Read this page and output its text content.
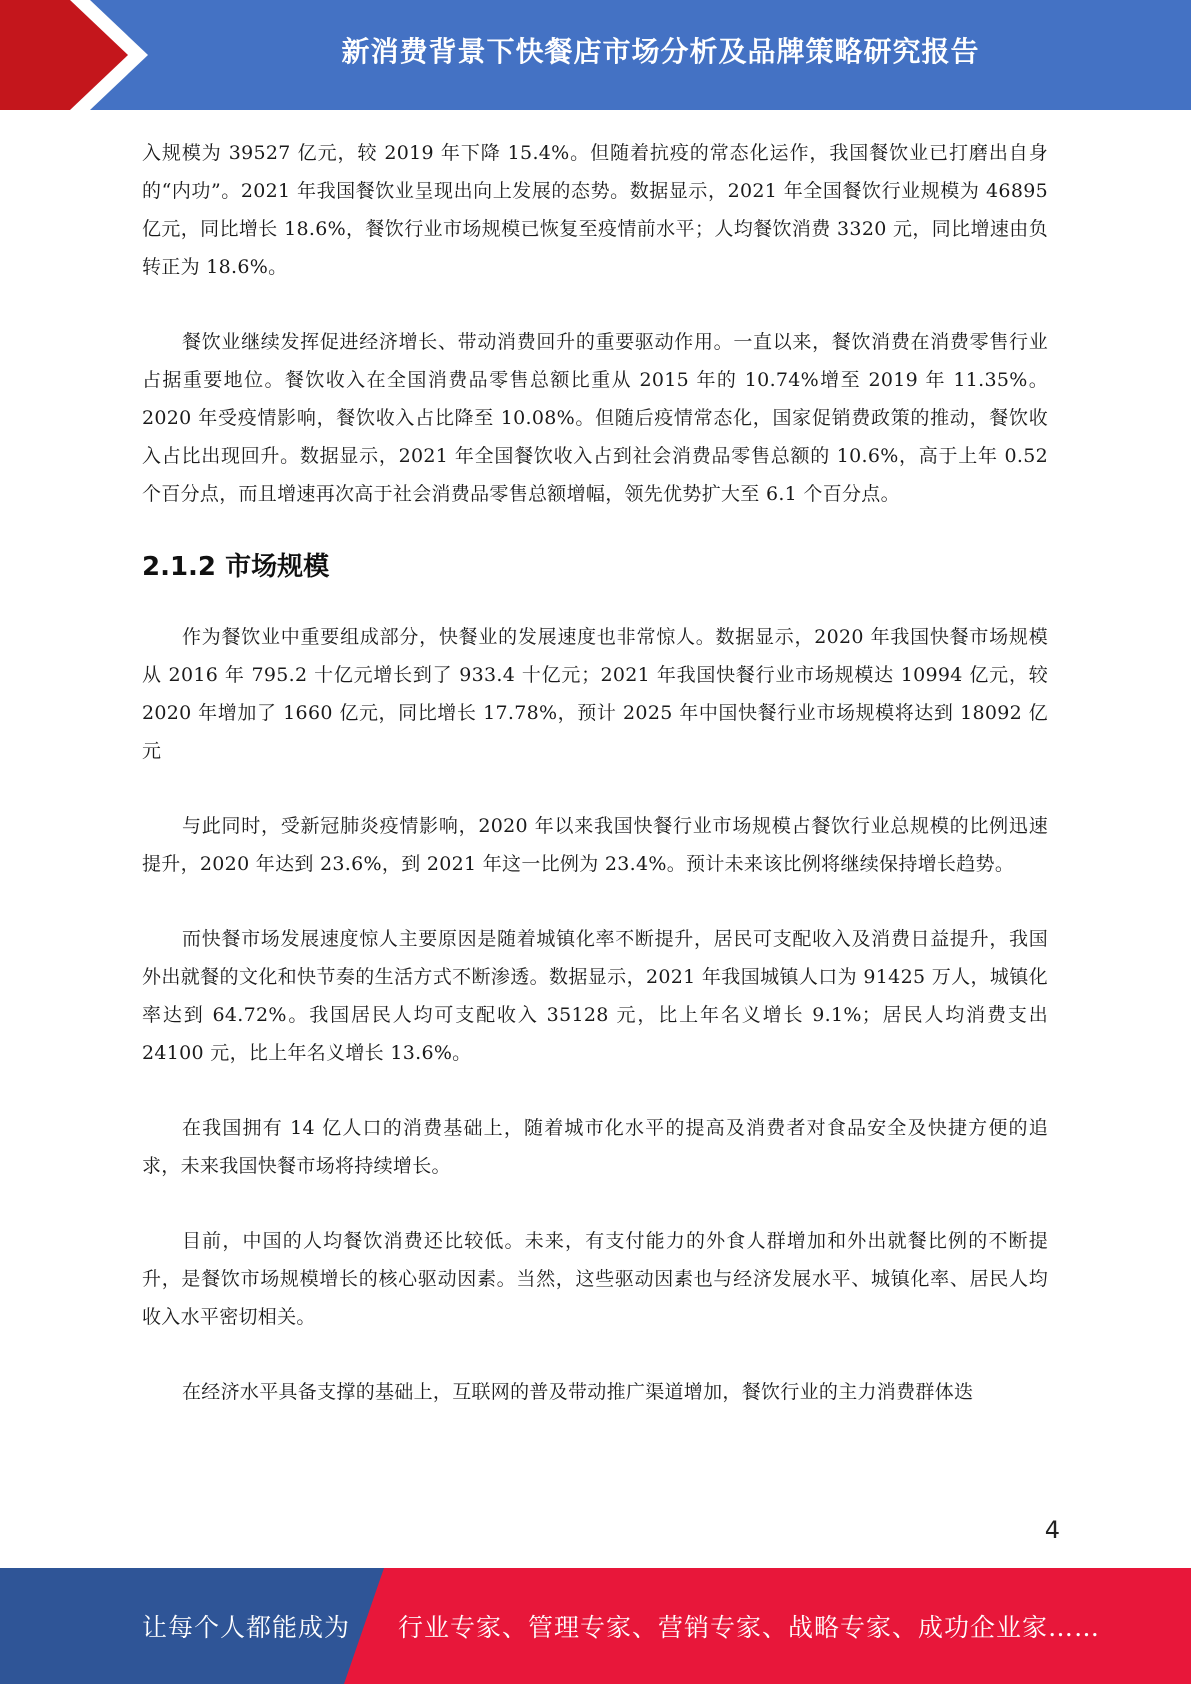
新消费背景下快餐店市场分析及品牌策略研究报告

入规模为 39527 亿元，较 2019 年下降 15.4%。但随着抗疫的常态化运作，我国餐饮业已打磨出自身的“内功”。2021 年我国餐饮业呈现出向上发展的态势。数据显示，2021 年全国餐饮行业规模为 46895 亿元，同比增长 18.6%，餐饮行业市场规模已恢复至疫情前水平；人均餐饮消费 3320 元，同比增速由负转正为 18.6%。

餐饮业继续发挥促进经济增长、带动消费回升的重要驱动作用。一直以来，餐饮消费在消费零售行业占据重要地位。餐饮收入在全国消费品零售总额比重从 2015 年的 10.74%增至 2019 年 11.35%。2020 年受疫情影响，餐饮收入占比降至 10.08%。但随后疫情常态化，国家促销费政策的推动，餐饮收入占比出现回升。数据显示，2021 年全国餐饮收入占到社会消费品零售总额的 10.6%，高于上年 0.52 个百分点，而且增速再次高于社会消费品零售总额增幅，领先优势扩大至 6.1 个百分点。

2.1.2 市场规模

作为餐饮业中重要组成部分，快餐业的发展速度也非常惊人。数据显示，2020 年我国快餐市场规模从 2016 年 795.2 十亿元增长到了 933.4 十亿元；2021 年我国快餐行业市场规模达 10994 亿元，较 2020 年增加了 1660 亿元，同比增长 17.78%，预计 2025 年中国快餐行业市场规模将达到 18092 亿元

与此同时，受新冠肺炎疫情影响，2020 年以来我国快餐行业市场规模占餐饮行业总规模的比例迅速提升，2020 年达到 23.6%，到 2021 年这一比例为 23.4%。预计未来该比例将继续保持增长趋势。

而快餐市场发展速度惊人主要原因是随着城镇化率不断提升，居民可支配收入及消费日益提升，我国外出就餐的文化和快节奏的生活方式不断渗透。数据显示，2021 年我国城镇人口为 91425 万人，城镇化率达到 64.72%。我国居民人均可支配收入 35128 元，比上年名义增长 9.1%；居民人均消费支出 24100 元，比上年名义增长 13.6%。

在我国拥有 14 亿人口的消费基础上，随着城市化水平的提高及消费者对食品安全及快捷方便的追求，未来我国快餐市场将持续增长。

目前，中国的人均餐饮消费还比较低。未来，有支付能力的外食人群增加和外出就餐比例的不断提升，是餐饮市场规模增长的核心驱动因素。当然，这些驱动因素也与经济发展水平、城镇化率、居民人均收入水平密切相关。

在经济水平具备支撑的基础上，互联网的普及带动推广渠道增加，餐饮行业的主力消费群体迭

4
让每个人都能成为 行业专家、管理专家、营销专家、战略专家、成功企业家……
